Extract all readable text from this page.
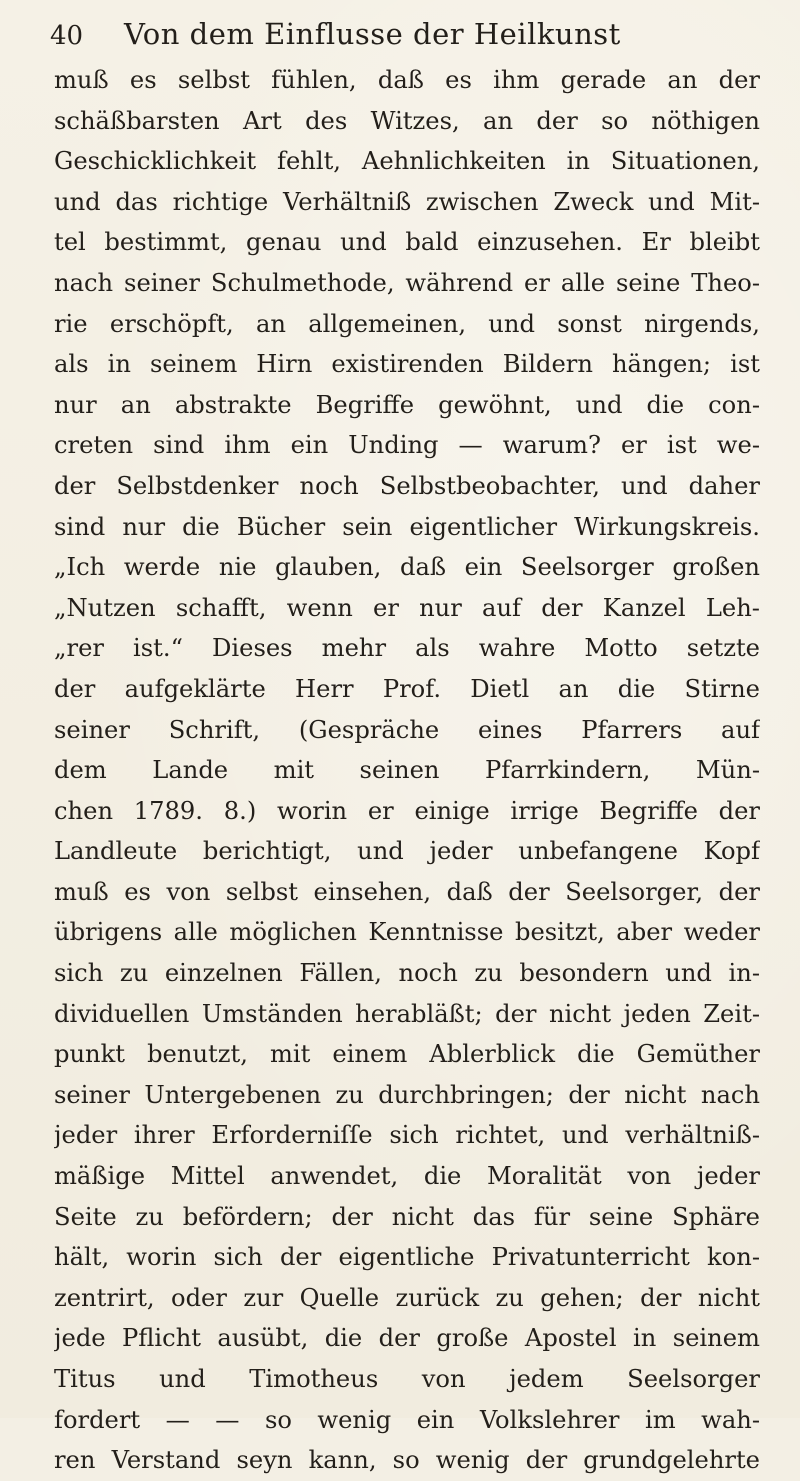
40	Von dem Einflusse der Heilkunst
muß es selbst fühlen, daß es ihm gerade an der
schäßbarsten Art des Witzes, an der so nöthigen
Geschicklichkeit fehlt, Aehnlichkeiten in Situationen,
und das richtige Verhältniß zwischen Zweck und Mit-
tel bestimmt, genau und bald einzusehen. Er bleibt
nach seiner Schulmethode, während er alle seine Theo-
rie erschöpft, an allgemeinen, und sonst nirgends,
als in seinem Hirn existirenden Bildern hängen; ist
nur an abstrakte Begriffe gewöhnt, und die con-
creten sind ihm ein Unding — warum? er ist we-
der Selbstdenker noch Selbstbeobachter, und daher
sind nur die Bücher sein eigentlicher Wirkungskreis.
„Ich werde nie glauben, daß ein Seelsorger großen
„Nutzen schafft, wenn er nur auf der Kanzel Leh-
„rer ist.“ Dieses mehr als wahre Motto setzte
der aufgeklärte Herr Prof. Dietl an die Stirne
seiner Schrift, (Gespräche eines Pfarrers auf
dem Lande mit seinen Pfarrkindern, Mün-
chen 1789. 8.) worin er einige irrige Begriffe der
Landleute berichtigt, und jeder unbefangene Kopf
muß es von selbst einsehen, daß der Seelsorger, der
übrigens alle möglichen Kenntnisse besitzt, aber weder
sich zu einzelnen Fällen, noch zu besondern und in-
dividuellen Umständen herabläßt; der nicht jeden Zeit-
punkt benutzt, mit einem Ablerblick die Gemüther
seiner Untergebenen zu durchbringen; der nicht nach
jeder ihrer Erforderniſſe sich richtet, und verhältniß-
mäßige Mittel anwendet, die Moralität von jeder
Seite zu befördern; der nicht das für seine Sphäre
hält, worin sich der eigentliche Privatunterricht kon-
zentrirt, oder zur Quelle zurück zu gehen; der nicht
jede Pflicht ausübt, die der große Apostel in seinem
Titus und Timotheus von jedem Seelsorger
fordert — — so wenig ein Volkslehrer im wah-
ren Verstand seyn kann, so wenig der grundgelehrte
